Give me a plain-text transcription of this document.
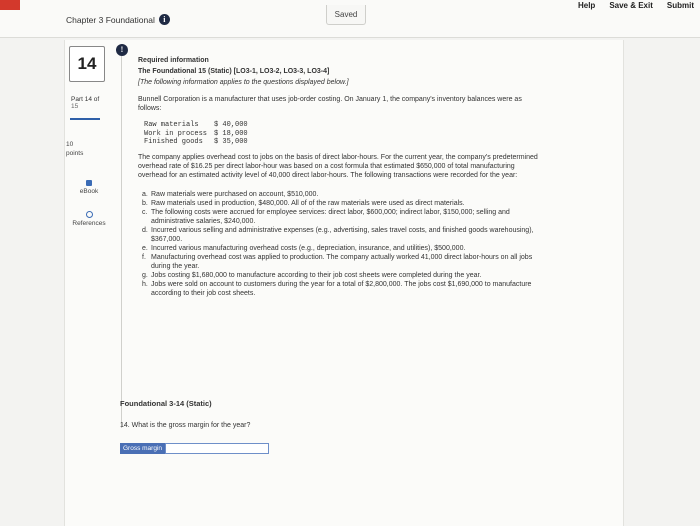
Chapter 3 Foundational	i
Saved
Help Save & Exit Submit
14
Part 14 of
15
10
points
eBook
References
!
Required information
The Foundational 15 (Static) [LO3-1, LO3-2, LO3-3, LO3-4]
[The following information applies to the questions displayed below.]
Bunnell Corporation is a manufacturer that uses job-order costing. On January 1, the company's inventory balances were as follows:
Raw materials	$ 40,000
Work in process $ 18,000
Finished goods	$ 35,000
The company applies overhead cost to jobs on the basis of direct labor-hours. For the current year, the company's predetermined overhead rate of $16.25 per direct labor-hour was based on a cost formula that estimated $650,000 of total manufacturing overhead for an estimated activity level of 40,000 direct labor-hours. The following transactions were recorded for the year:
a. Raw materials were purchased on account, $510,000.
b. Raw materials used in production, $480,000. All of of the raw materials were used as direct materials.
c. The following costs were accrued for employee services: direct labor, $600,000; indirect labor, $150,000; selling and administrative salaries, $240,000.
d. Incurred various selling and administrative expenses (e.g., advertising, sales travel costs, and finished goods warehousing), $367,000.
e. Incurred various manufacturing overhead costs (e.g., depreciation, insurance, and utilities), $500,000.
f. Manufacturing overhead cost was applied to production. The company actually worked 41,000 direct labor-hours on all jobs during the year.
g. Jobs costing $1,680,000 to manufacture according to their job cost sheets were completed during the year.
h. Jobs were sold on account to customers during the year for a total of $2,800,000. The jobs cost $1,690,000 to manufacture according to their job cost sheets.
Foundational 3-14 (Static)
14. What is the gross margin for the year?
Gross margin
